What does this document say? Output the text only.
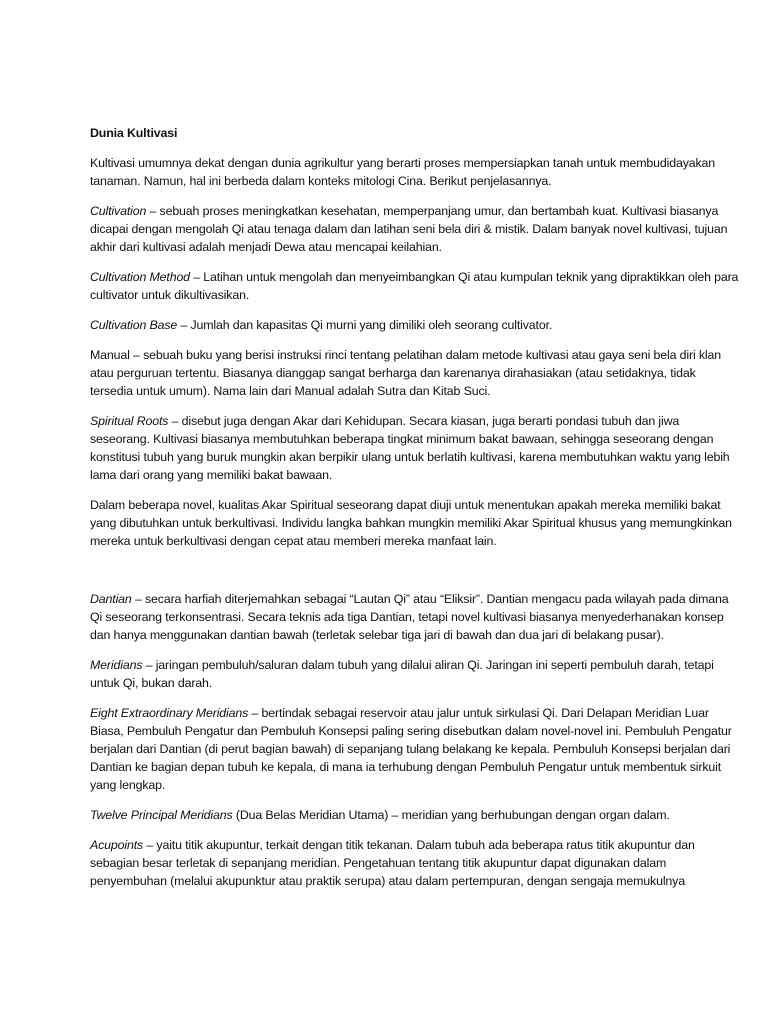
Dunia Kultivasi

Kultivasi umumnya dekat dengan dunia agrikultur yang berarti proses mempersiapkan tanah untuk membudidayakan tanaman. Namun, hal ini berbeda dalam konteks mitologi Cina. Berikut penjelasannya.

Cultivation – sebuah proses meningkatkan kesehatan, memperpanjang umur, dan bertambah kuat. Kultivasi biasanya dicapai dengan mengolah Qi atau tenaga dalam dan latihan seni bela diri & mistik. Dalam banyak novel kultivasi, tujuan akhir dari kultivasi adalah menjadi Dewa atau mencapai keilahian.

Cultivation Method – Latihan untuk mengolah dan menyeimbangkan Qi atau kumpulan teknik yang dipraktikkan oleh para cultivator untuk dikultivasikan.

Cultivation Base – Jumlah dan kapasitas Qi murni yang dimiliki oleh seorang cultivator.

Manual – sebuah buku yang berisi instruksi rinci tentang pelatihan dalam metode kultivasi atau gaya seni bela diri klan atau perguruan tertentu. Biasanya dianggap sangat berharga dan karenanya dirahasiakan (atau setidaknya, tidak tersedia untuk umum). Nama lain dari Manual adalah Sutra dan Kitab Suci.

Spiritual Roots – disebut juga dengan Akar dari Kehidupan. Secara kiasan, juga berarti pondasi tubuh dan jiwa seseorang. Kultivasi biasanya membutuhkan beberapa tingkat minimum bakat bawaan, sehingga seseorang dengan konstitusi tubuh yang buruk mungkin akan berpikir ulang untuk berlatih kultivasi, karena membutuhkan waktu yang lebih lama dari orang yang memiliki bakat bawaan.

Dalam beberapa novel, kualitas Akar Spiritual seseorang dapat diuji untuk menentukan apakah mereka memiliki bakat yang dibutuhkan untuk berkultivasi. Individu langka bahkan mungkin memiliki Akar Spiritual khusus yang memungkinkan mereka untuk berkultivasi dengan cepat atau memberi mereka manfaat lain.

Dantian – secara harfiah diterjemahkan sebagai “Lautan Qi” atau “Eliksir”. Dantian mengacu pada wilayah pada dimana Qi seseorang terkonsentrasi. Secara teknis ada tiga Dantian, tetapi novel kultivasi biasanya menyederhanakan konsep dan hanya menggunakan dantian bawah (terletak selebar tiga jari di bawah dan dua jari di belakang pusar).

Meridians – jaringan pembuluh/saluran dalam tubuh yang dilalui aliran Qi. Jaringan ini seperti pembuluh darah, tetapi untuk Qi, bukan darah.

Eight Extraordinary Meridians – bertindak sebagai reservoir atau jalur untuk sirkulasi Qi. Dari Delapan Meridian Luar Biasa, Pembuluh Pengatur dan Pembuluh Konsepsi paling sering disebutkan dalam novel-novel ini. Pembuluh Pengatur berjalan dari Dantian (di perut bagian bawah) di sepanjang tulang belakang ke kepala. Pembuluh Konsepsi berjalan dari Dantian ke bagian depan tubuh ke kepala, di mana ia terhubung dengan Pembuluh Pengatur untuk membentuk sirkuit yang lengkap.

Twelve Principal Meridians (Dua Belas Meridian Utama) – meridian yang berhubungan dengan organ dalam.

Acupoints – yaitu titik akupuntur, terkait dengan titik tekanan. Dalam tubuh ada beberapa ratus titik akupuntur dan sebagian besar terletak di sepanjang meridian. Pengetahuan tentang titik akupuntur dapat digunakan dalam penyembuhan (melalui akupunktur atau praktik serupa) atau dalam pertempuran, dengan sengaja memukulnya
